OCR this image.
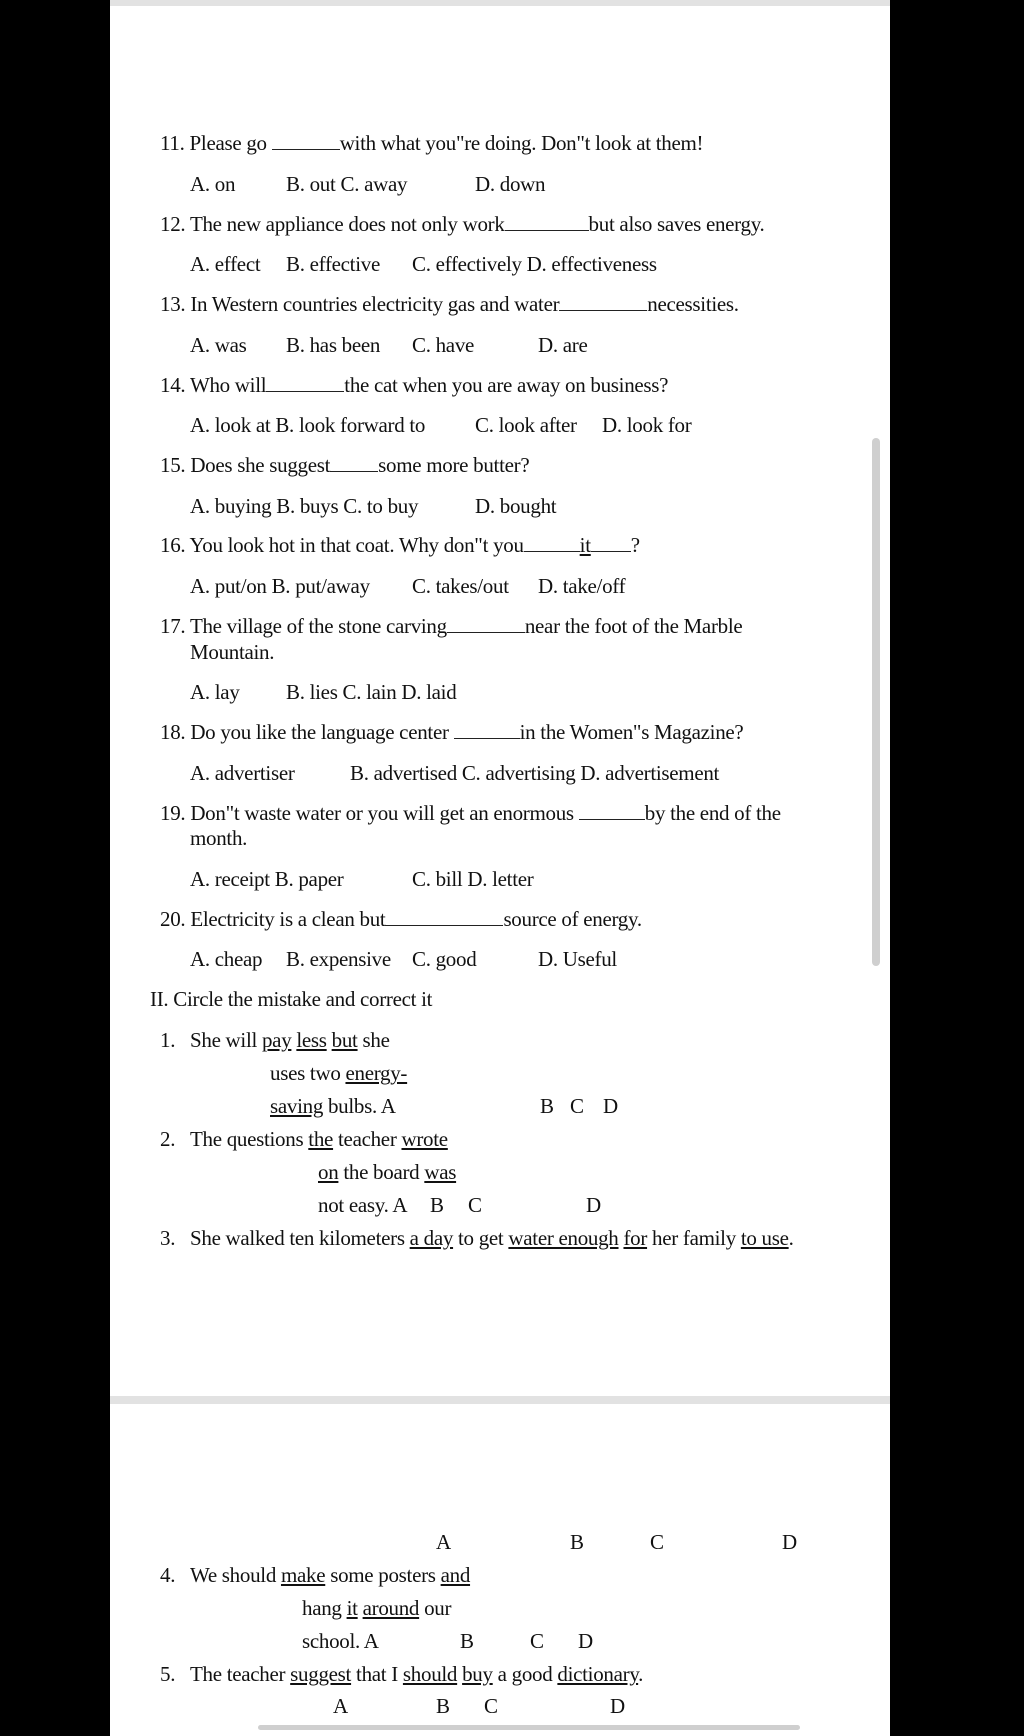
11. Please go	with what you"re doing. Don"t look at them!
A. on B. out C. away	D. down
12. The new appliance does not only work	but also saves energy.
A. effect B. effective C. effectively D. effectiveness
13. In Western countries electricity gas and water	necessities.
A. was B. has been C. have	D. are
14. Who will	the cat when you are away on business?
A. look at B. look forward to C. look after D. look for
15. Does she suggest some more butter?
A. buying B. buys C. to buy	D. bought
16. You look hot in that coat. Why don"t you	it ?
A. put/on B. put/away C. takes/out D. take/off
17. The village of the stone carving	near the foot of the Marble
Mountain.
A. lay B. lies C. lain D. laid
18. Do you like the language center	in the Women"s Magazine?
A. advertiser	B. advertised C. advertising D. advertisement
19. Don"t waste water or you will get an enormous	by the end of the
month.
A. receipt B. paper	C. bill D. letter
20. Electricity is a clean but	source of energy.
A. cheap B. expensive C. good	D. Useful
II. Circle the mistake and correct it
1. She will pay less but she
uses two energy-
saving bulbs. A	B C D
2. The questions the teacher wrote
on the board was
not easy. A B C	D
3. She walked ten kilometers a day to get water enough for her family to use.
A	B	C	D
4. We should make some posters and
hang it around our
school. A	B	C D
5. The teacher suggest that I should buy a good dictionary.
A	B C	D
